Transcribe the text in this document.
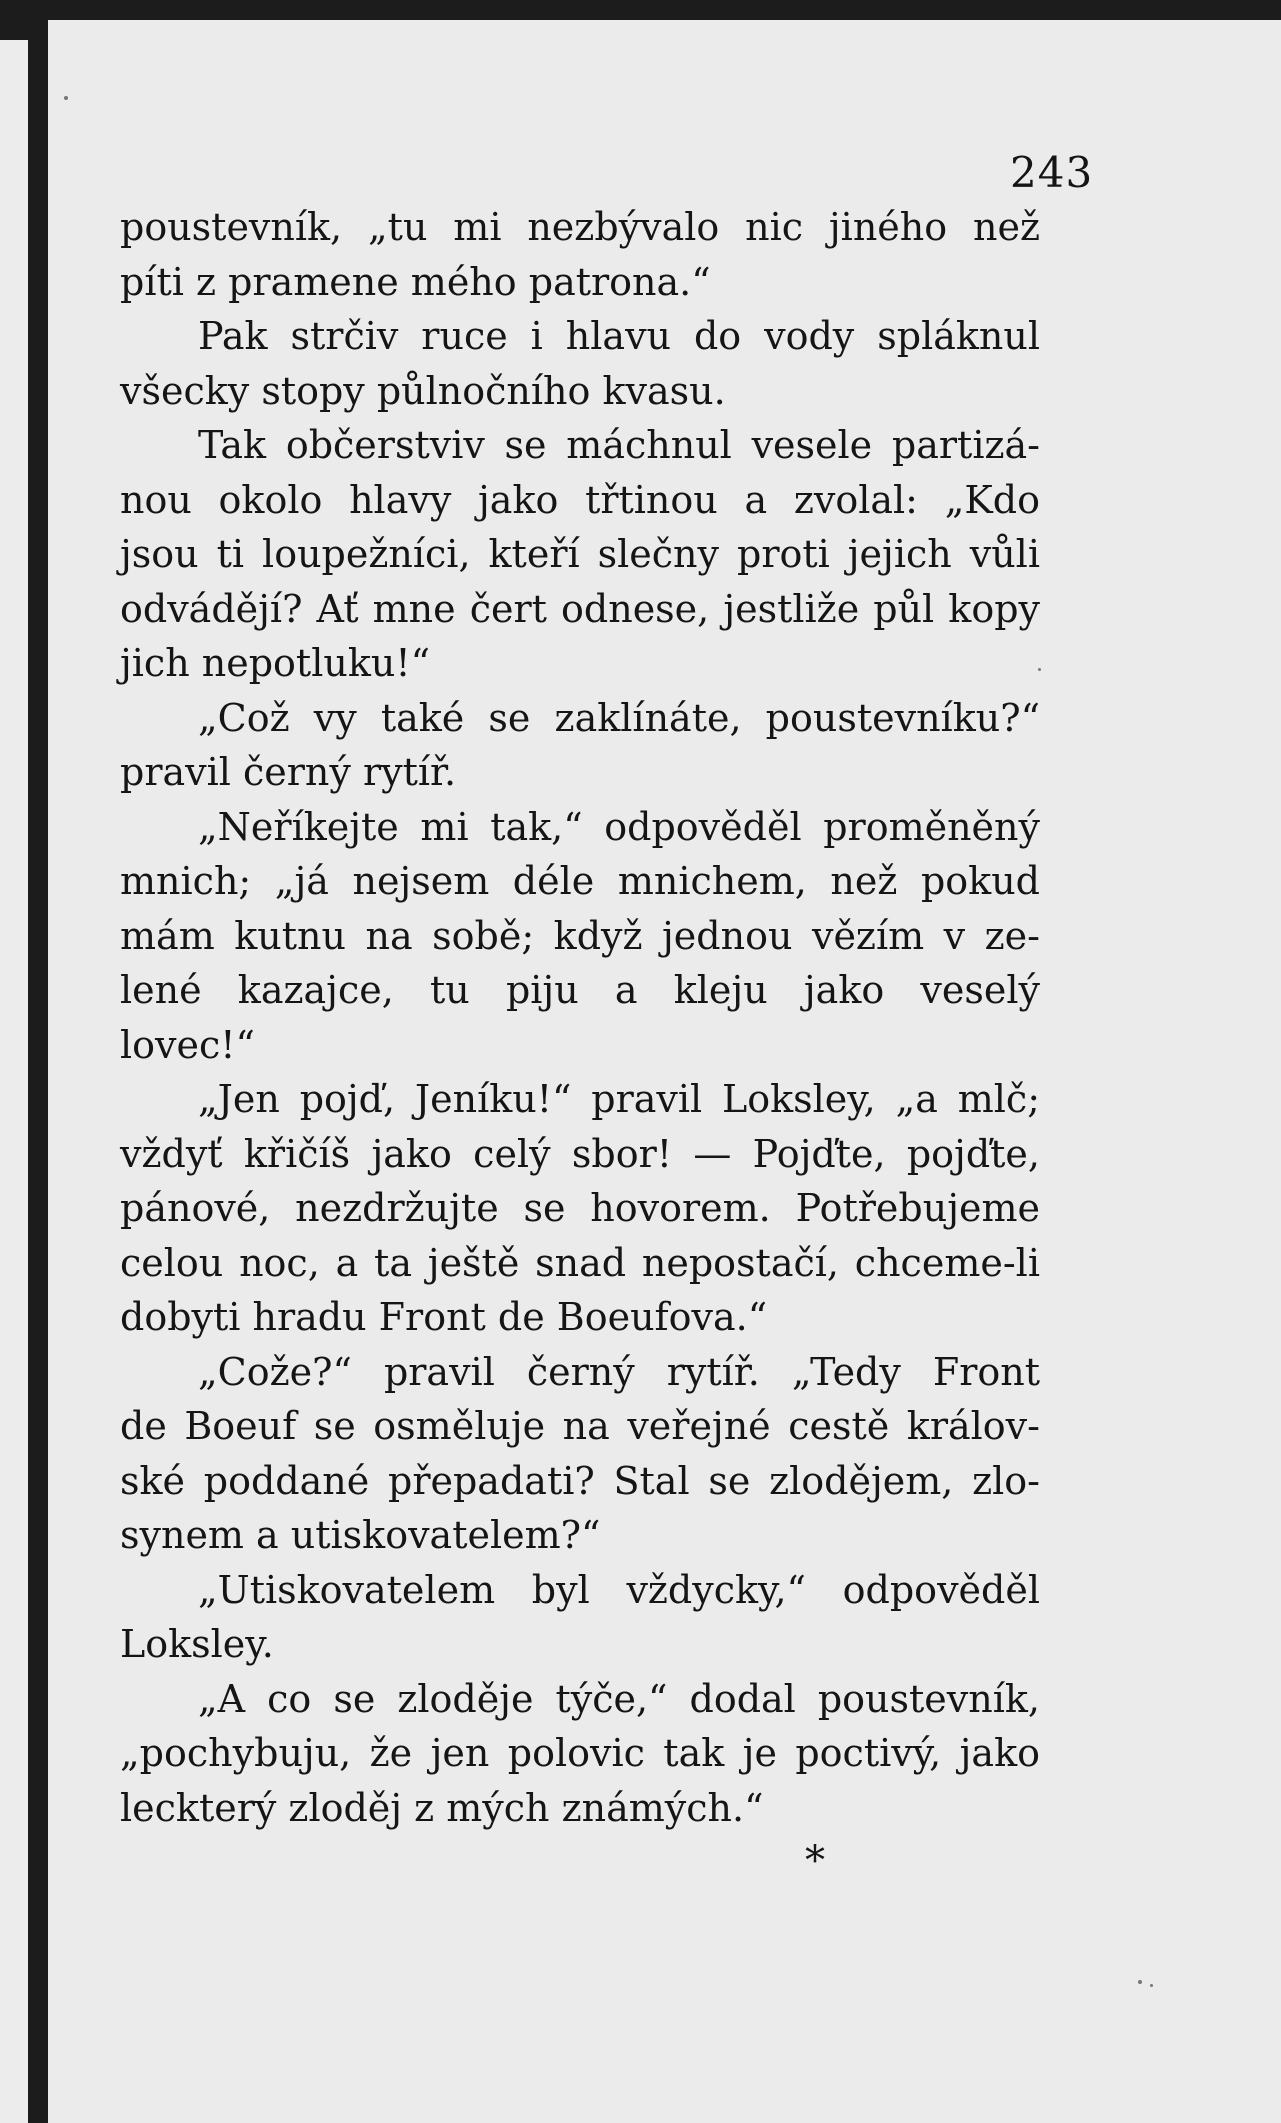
243
poustevník, „tu mi nezbývalo nic jiného než
píti z pramene mého patrona.“
Pak strčiv ruce i hlavu do vody spláknul
všecky stopy půlnočního kvasu.
Tak občerstviv se máchnul vesele partizá-
nou okolo hlavy jako třtinou a zvolal: „Kdo
jsou ti loupežníci, kteří slečny proti jejich vůli
odvádějí? Ať mne čert odnese, jestliže půl kopy
jich nepotluku!“
„Což vy také se zaklínáte, poustevníku?“
pravil černý rytíř.
„Neříkejte mi tak,“ odpověděl proměněný
mnich; „já nejsem déle mnichem, než pokud
mám kutnu na sobě; když jednou vězím v ze-
lené kazajce, tu piju a kleju jako veselý
lovec!“
„Jen pojď, Jeníku!“ pravil Loksley, „a mlč;
vždyť křičíš jako celý sbor! — Pojďte, pojďte,
pánové, nezdržujte se hovorem. Potřebujeme
celou noc, a ta ještě snad nepostačí, chceme-li
dobyti hradu Front de Boeufova.“
„Cože?“ pravil černý rytíř. „Tedy Front
de Boeuf se osměluje na veřejné cestě králov-
ské poddané přepadati? Stal se zlodějem, zlo-
synem a utiskovatelem?“
„Utiskovatelem byl vždycky,“ odpověděl
Loksley.
„A co se zloděje týče,“ dodal poustevník,
„pochybuju, že jen polovic tak je poctivý, jako
leckterý zloděj z mých známých.“
*
